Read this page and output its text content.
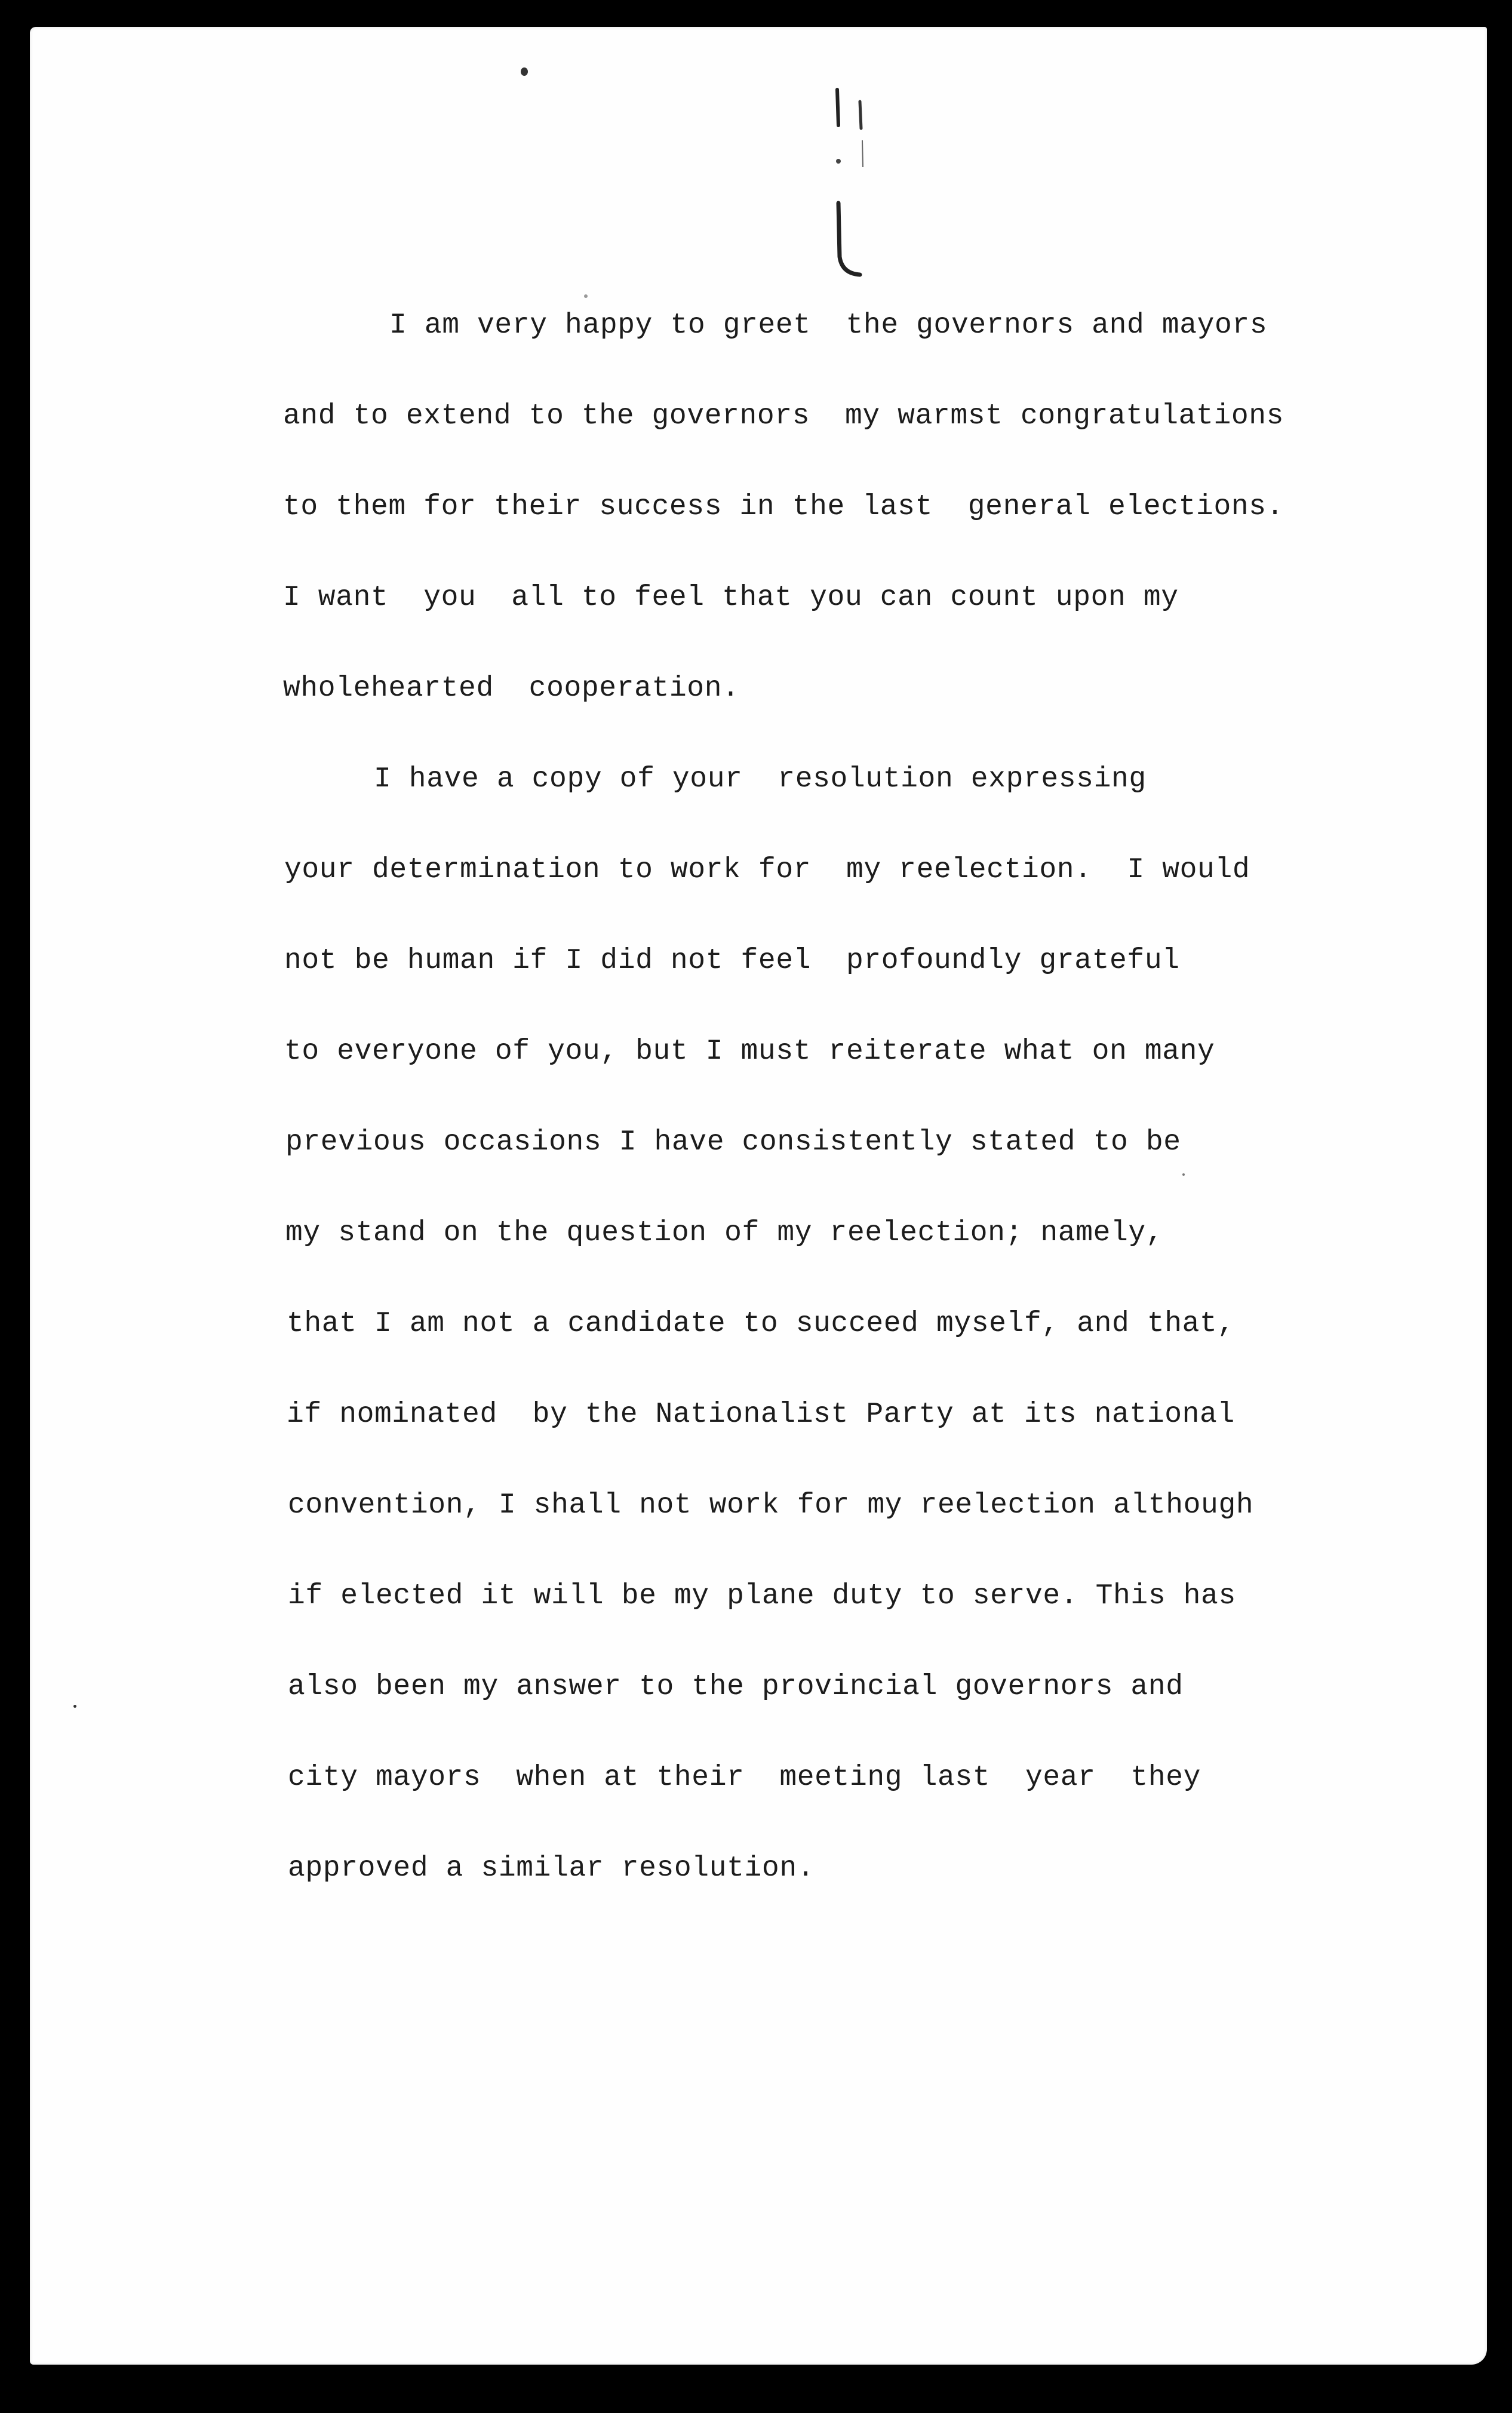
I am very happy to greet  the governors and mayors
and to extend to the governors  my warmst congratulations
to them for their success in the last  general elections.
I want  you  all to feel that you can count upon my
wholehearted  cooperation.
I have a copy of your  resolution expressing
your determination to work for  my reelection.  I would
not be human if I did not feel  profoundly grateful
to everyone of you, but I must reiterate what on many
previous occasions I have consistently stated to be
my stand on the question of my reelection; namely,
that I am not a candidate to succeed myself, and that,
if nominated  by the Nationalist Party at its national
convention, I shall not work for my reelection although
if elected it will be my plane duty to serve. This has
also been my answer to the provincial governors and
city mayors  when at their  meeting last  year  they
approved a similar resolution.
